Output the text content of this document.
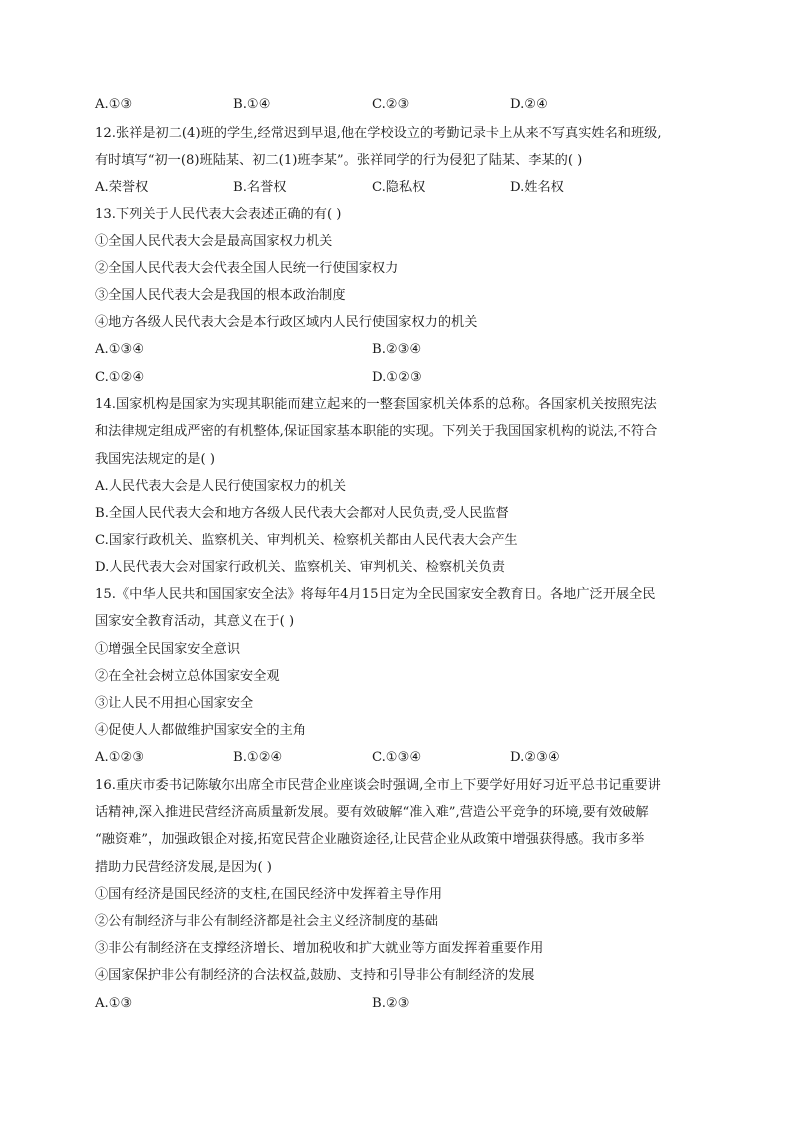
A.①③	B.①④	C.②③	D.②④
12.张祥是初二(4)班的学生,经常迟到早退,他在学校设立的考勤记录卡上从来不写真实姓名和班级,
有时填写“初一(8)班陆某、初二(1)班李某”。张祥同学的行为侵犯了陆某、李某的( )
A.荣誉权	B.名誉权	C.隐私权	D.姓名权
13.下列关于人民代表大会表述正确的有( )
①全国人民代表大会是最高国家权力机关
②全国人民代表大会代表全国人民统一行使国家权力
③全国人民代表大会是我国的根本政治制度
④地方各级人民代表大会是本行政区域内人民行使国家权力的机关
A.①③④	B.②③④
C.①②④	D.①②③
14.国家机构是国家为实现其职能而建立起来的一整套国家机关体系的总称。各国家机关按照宪法
和法律规定组成严密的有机整体,保证国家基本职能的实现。下列关于我国国家机构的说法,不符合
我国宪法规定的是( )
A.人民代表大会是人民行使国家权力的机关
B.全国人民代表大会和地方各级人民代表大会都对人民负责,受人民监督
C.国家行政机关、监察机关、审判机关、检察机关都由人民代表大会产生
D.人民代表大会对国家行政机关、监察机关、审判机关、检察机关负责
15.《中华人民共和国国家安全法》将每年4月15日定为全民国家安全教育日。各地广泛开展全民
国家安全教育活动，其意义在于( )
①增强全民国家安全意识
②在全社会树立总体国家安全观
③让人民不用担心国家安全
④促使人人都做维护国家安全的主角
A.①②③	B.①②④	C.①③④	D.②③④
16.重庆市委书记陈敏尔出席全市民营企业座谈会时强调,全市上下要学好用好习近平总书记重要讲
话精神,深入推进民营经济高质量新发展。要有效破解“准入难”,营造公平竞争的环境,要有效破解
“融资难”，加强政银企对接,拓宽民营企业融资途径,让民营企业从政策中增强获得感。我市多举
措助力民营经济发展,是因为( )
①国有经济是国民经济的支柱,在国民经济中发挥着主导作用
②公有制经济与非公有制经济都是社会主义经济制度的基础
③非公有制经济在支撑经济增长、增加税收和扩大就业等方面发挥着重要作用
④国家保护非公有制经济的合法权益,鼓励、支持和引导非公有制经济的发展
A.①③	B.②③
